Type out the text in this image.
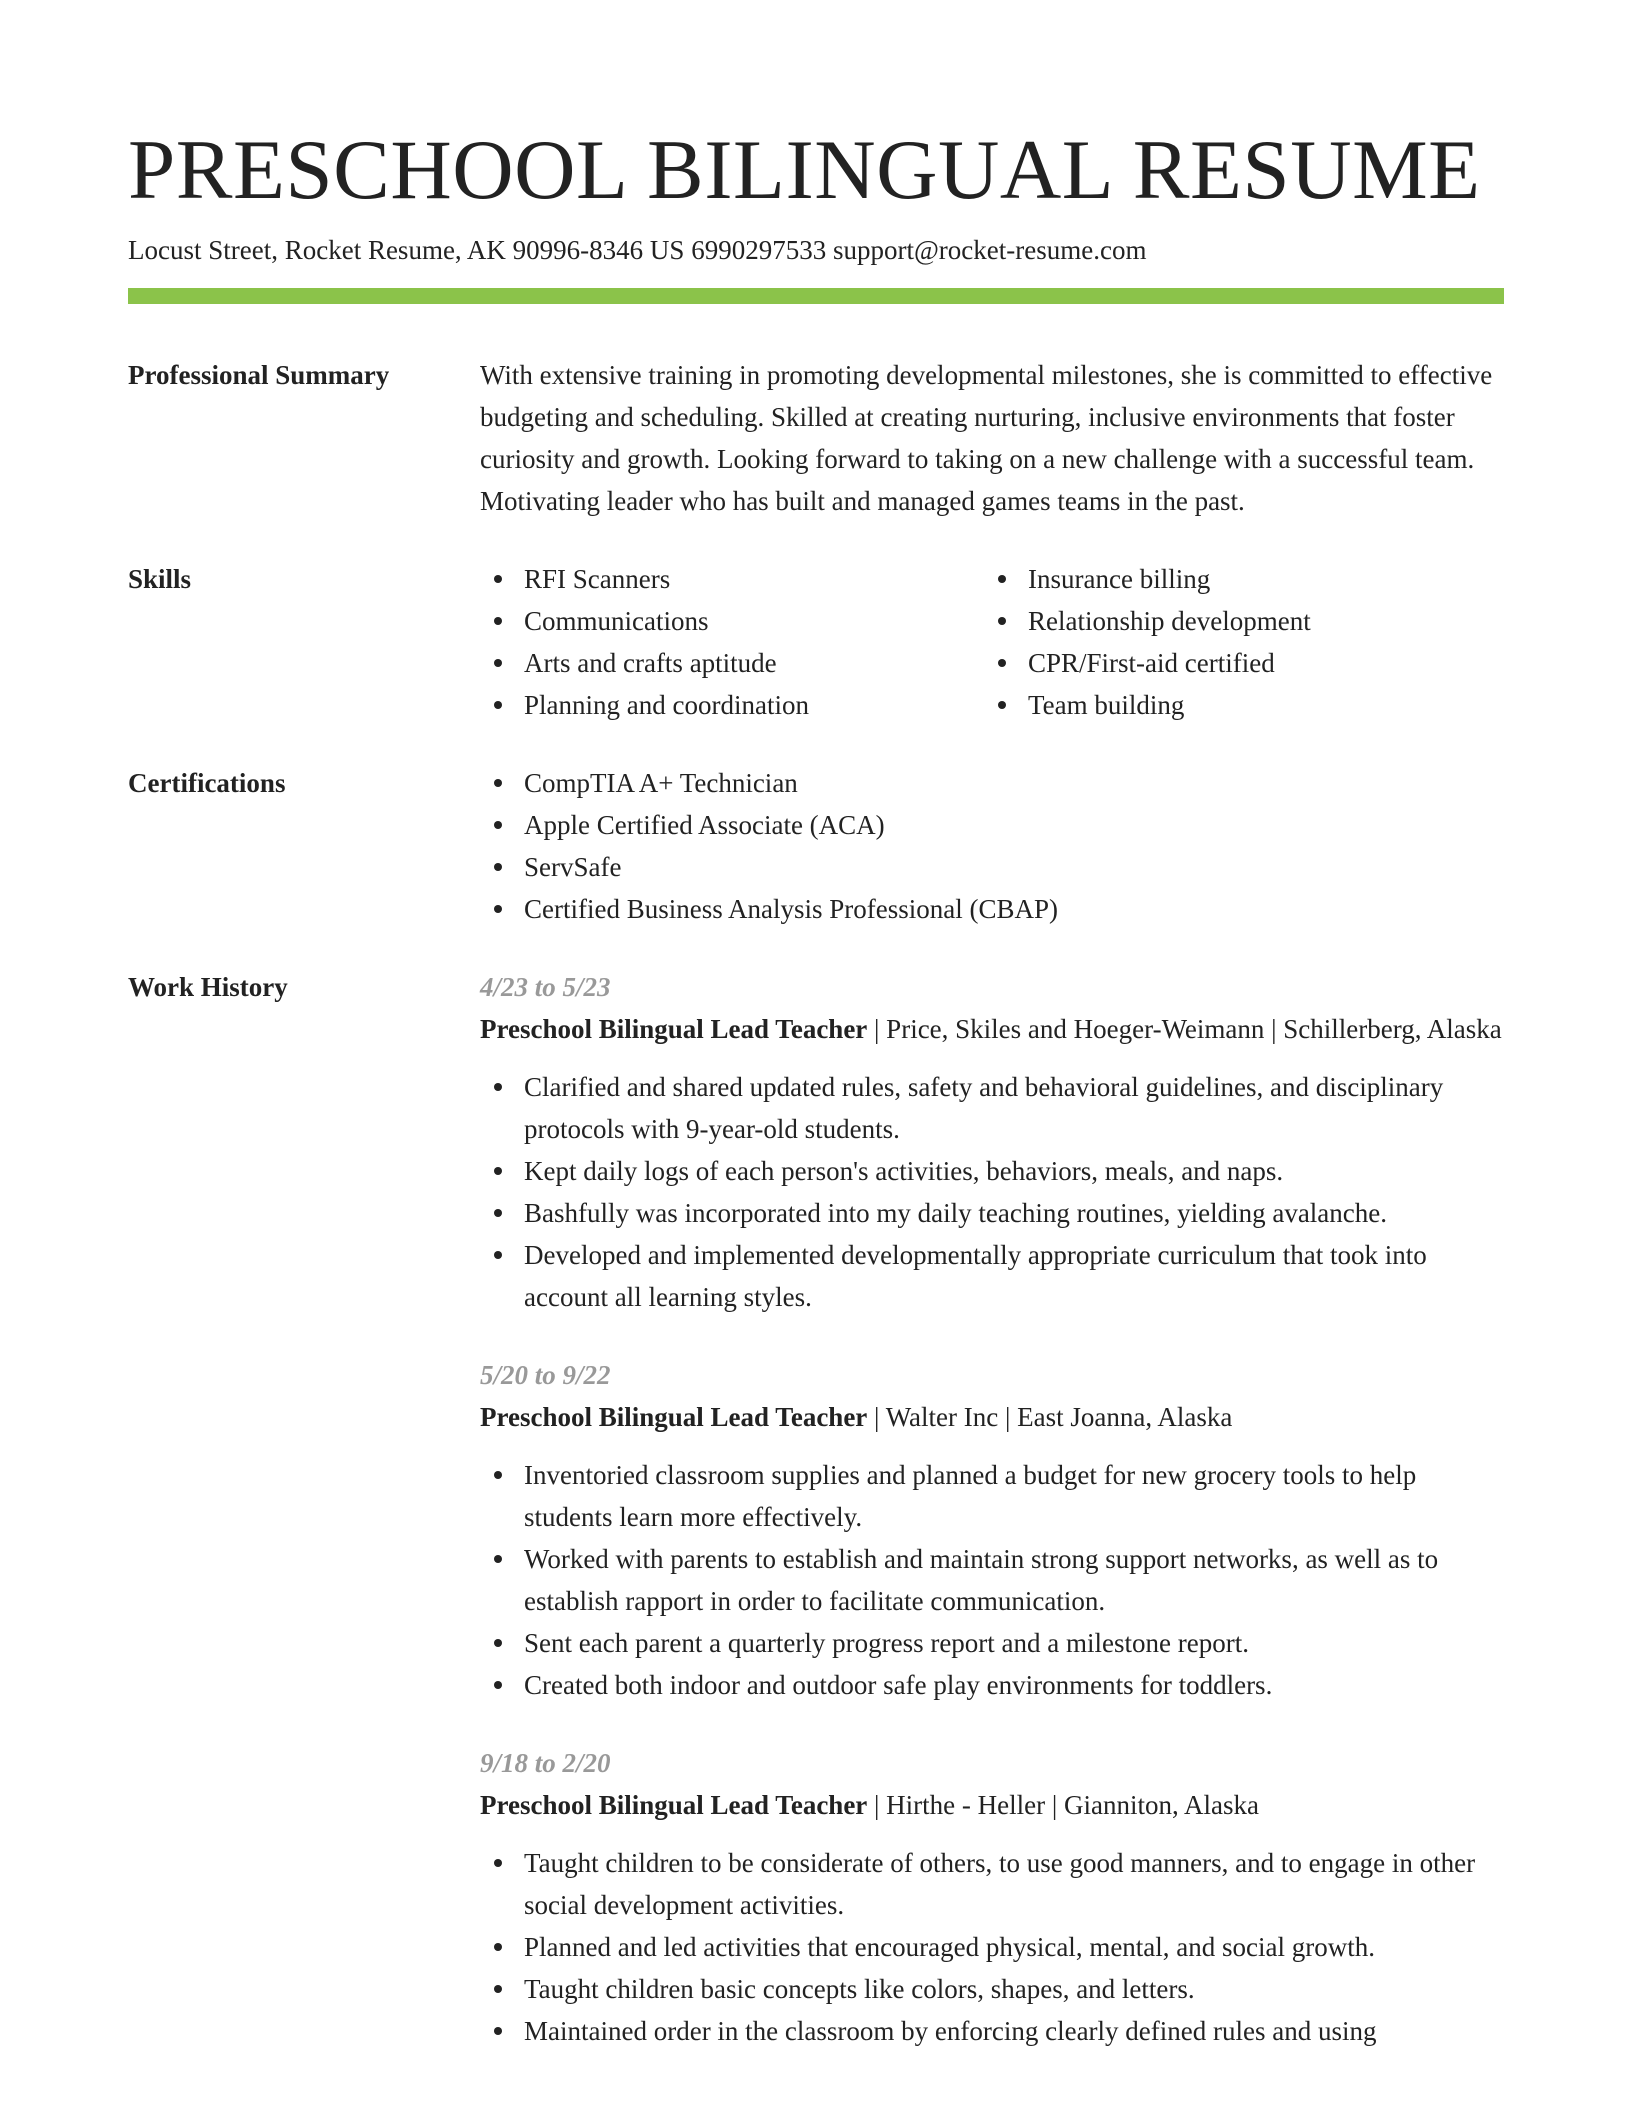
PRESCHOOL BILINGUAL RESUME
Locust Street, Rocket Resume, AK 90996-8346 US 6990297533 support@rocket-resume.com
Professional Summary	With extensive training in promoting developmental milestones, she is committed to effective budgeting and scheduling. Skilled at creating nurturing, inclusive environments that foster curiosity and growth. Looking forward to taking on a new challenge with a successful team. Motivating leader who has built and managed games teams in the past.
Skills	RFI Scanners
Communications
Arts and crafts aptitude
Planning and coordination
Insurance billing
Relationship development
CPR/First-aid certified
Team building
Certifications	CompTIA A+ Technician
Apple Certified Associate (ACA)
ServSafe
Certified Business Analysis Professional (CBAP)
Work History	4/23 to 5/23
Preschool Bilingual Lead Teacher | Price, Skiles and Hoeger-Weimann | Schillerberg, Alaska
Clarified and shared updated rules, safety and behavioral guidelines, and disciplinary protocols with 9-year-old students.
Kept daily logs of each person's activities, behaviors, meals, and naps.
Bashfully was incorporated into my daily teaching routines, yielding avalanche.
Developed and implemented developmentally appropriate curriculum that took into account all learning styles.
5/20 to 9/22
Preschool Bilingual Lead Teacher | Walter Inc | East Joanna, Alaska
Inventoried classroom supplies and planned a budget for new grocery tools to help students learn more effectively.
Worked with parents to establish and maintain strong support networks, as well as to establish rapport in order to facilitate communication.
Sent each parent a quarterly progress report and a milestone report.
Created both indoor and outdoor safe play environments for toddlers.
9/18 to 2/20
Preschool Bilingual Lead Teacher | Hirthe - Heller | Gianniton, Alaska
Taught children to be considerate of others, to use good manners, and to engage in other social development activities.
Planned and led activities that encouraged physical, mental, and social growth.
Taught children basic concepts like colors, shapes, and letters.
Maintained order in the classroom by enforcing clearly defined rules and using
